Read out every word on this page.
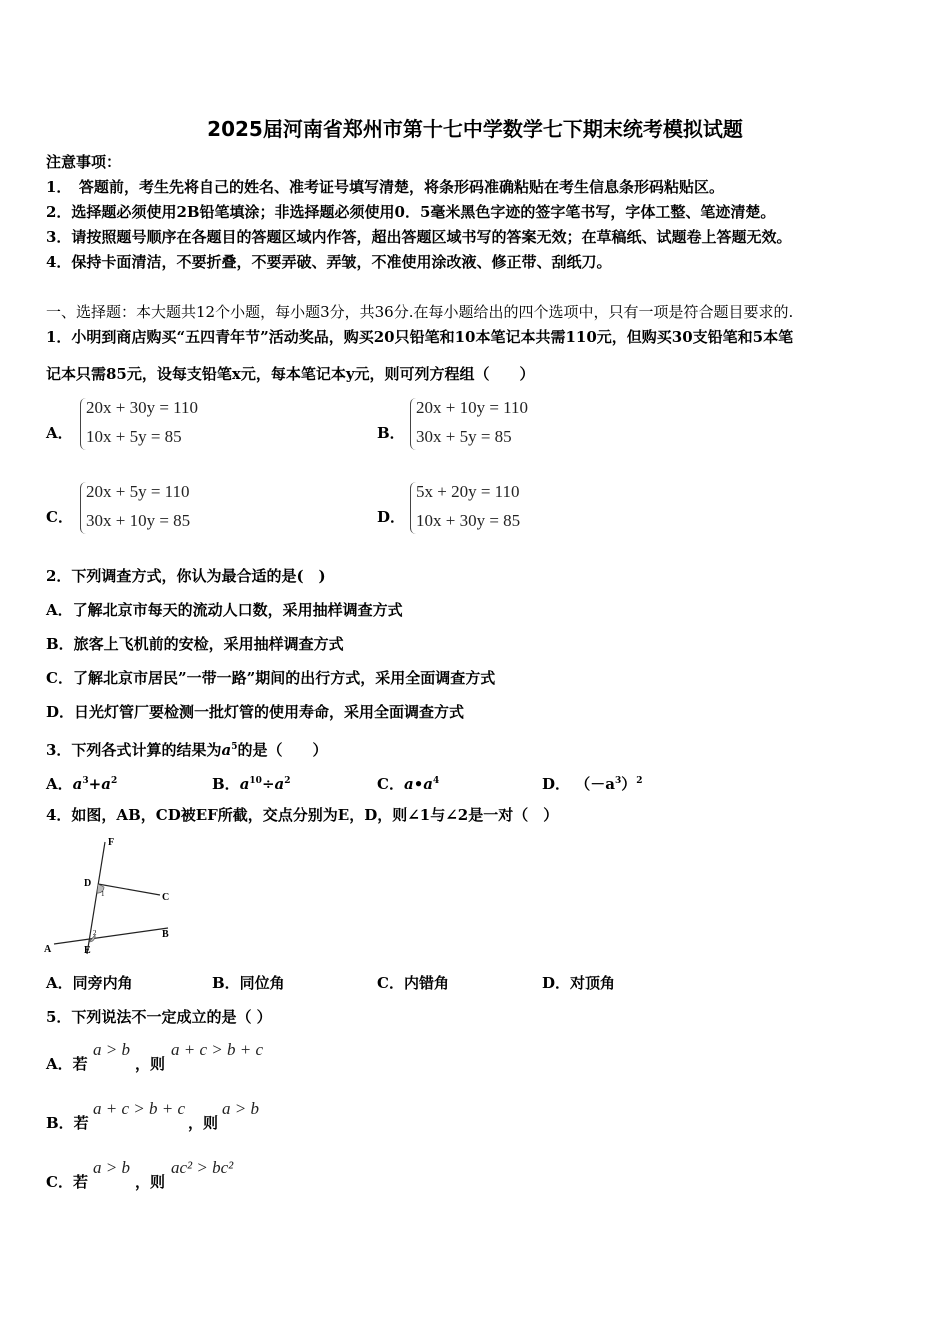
2025届河南省郑州市第十七中学数学七下期末统考模拟试题
注意事项：
1．　答题前，考生先将自己的姓名、准考证号填写清楚，将条形码准确粘贴在考生信息条形码粘贴区。
2．选择题必须使用2B铅笔填涂；非选择题必须使用0．5毫米黑色字迹的签字笔书写，字体工整、笔迹清楚。
3．请按照题号顺序在各题目的答题区域内作答，超出答题区域书写的答案无效；在草稿纸、试题卷上答题无效。
4．保持卡面清洁，不要折叠，不要弄破、弄皱，不准使用涂改液、修正带、刮纸刀。
一、选择题：本大题共12个小题，每小题3分，共36分.在每小题给出的四个选项中，只有一项是符合题目要求的.
1．小明到商店购买“五四青年节”活动奖品，购买20只铅笔和10本笔记本共需110元，但购买30支铅笔和5本笔
记本只需85元，设每支铅笔x元，每本笔记本y元，则可列方程组（　　）
A．
20x + 30y = 110
10x + 5y = 85	B．
20x + 10y = 110
30x + 5y = 85
C．
20x + 5y = 110
30x + 10y = 85	D．
5x + 20y = 110
10x + 30y = 85
2．下列调查方式，你认为最合适的是(　)
A．了解北京市每天的流动人口数，采用抽样调查方式
B．旅客上飞机前的安检，采用抽样调查方式
C．了解北京市居民”一带一路”期间的出行方式，采用全面调查方式
D．日光灯管厂要检测一批灯管的使用寿命，采用全面调查方式
3．下列各式计算的结果为$a^5$的是（　　）
A．$a^3+a^2$	B．$a^{10}\div a^2$	C．$a•a^4$	D． $(-a^3)^2$
4．如图，AB，CD被EF所截，交点分别为E，D，则∠1与∠2是一对（　）
F
D
C
1
2
A	E
B
A．同旁内角	B．同位角	C．内错角	D．对顶角
5．下列说法不一定成立的是（ ）
A．若
a > b
，则
a + c > b + c
B．若
a + c > b + c
，则
a > b
C．若
a > b
，则
ac² > bc²
